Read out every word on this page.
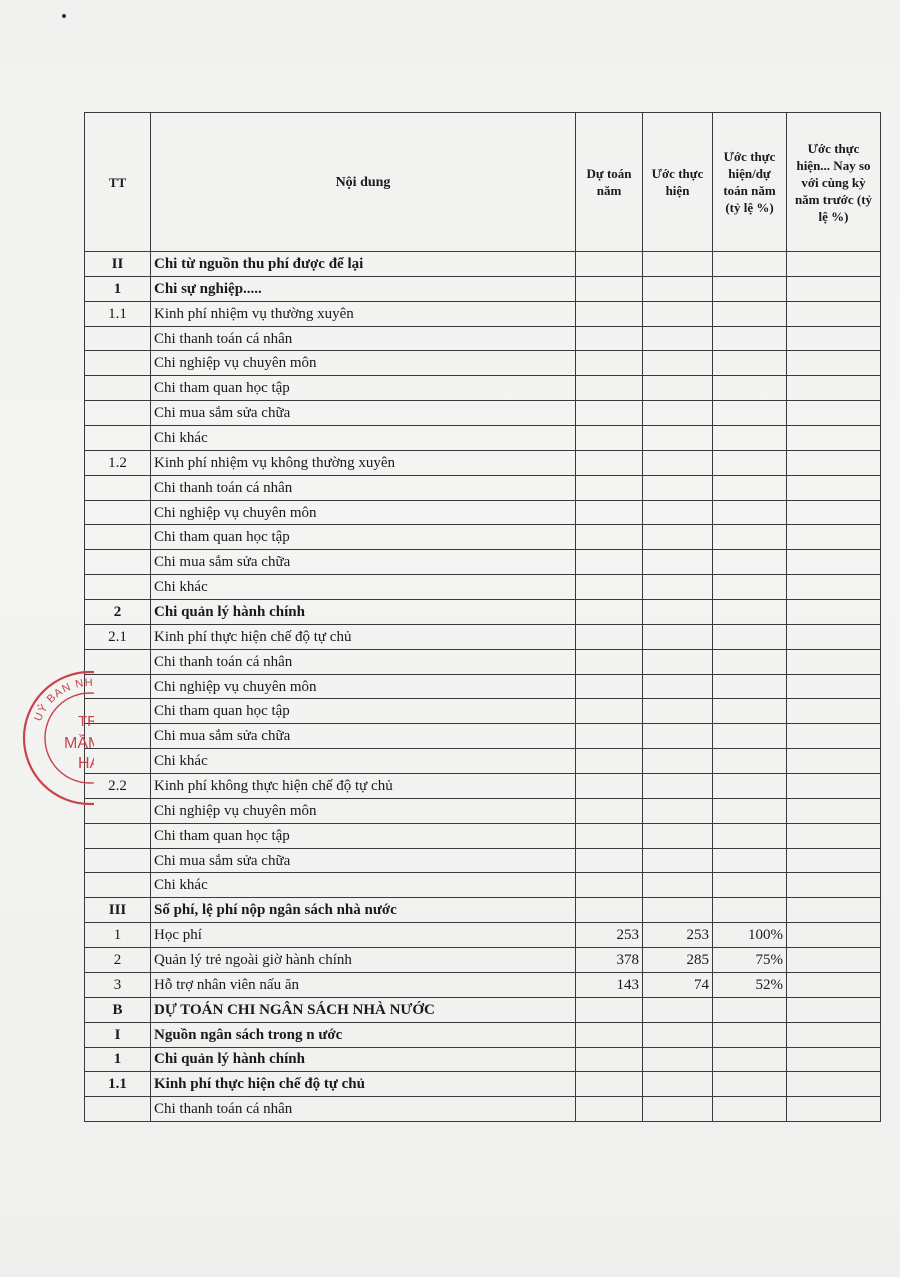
TT	Nội dung	Dự toán năm	Ước thực hiện	Ước thực hiện/dự toán năm (tỷ lệ %)	Ước thực hiện... Nay so với cùng kỳ năm trước (tỷ lệ %)
II	Chi từ nguồn thu phí được để lại				
1	Chi sự nghiệp.....				
1.1	Kinh phí nhiệm vụ thường xuyên				
	Chi thanh toán cá nhân				
	Chi nghiệp vụ chuyên môn				
	Chi tham quan học tập				
	Chi mua sắm sửa chữa				
	Chi khác				
1.2	Kinh phí nhiệm vụ không thường xuyên				
	Chi thanh toán cá nhân				
	Chi nghiệp vụ chuyên môn				
	Chi tham quan học tập				
	Chi mua sắm sửa chữa				
	Chi khác				
2	Chi quản lý hành chính				
2.1	Kinh phí thực hiện chế độ tự chủ				
	Chi thanh toán cá nhân				
	Chi nghiệp vụ chuyên môn				
	Chi tham quan học tập				
	Chi mua sắm sửa chữa				
	Chi khác				
2.2	Kinh phí không thực hiện chế độ tự chủ				
	Chi nghiệp vụ chuyên môn				
	Chi tham quan học tập				
	Chi mua sắm sửa chữa				
	Chi khác				
III	Số phí, lệ phí nộp ngân sách nhà nước				
1	Học phí	253	253	100%	
2	Quản lý trẻ ngoài giờ hành chính	378	285	75%	
3	Hỗ trợ nhân viên nấu ăn	143	74	52%	
B	DỰ TOÁN CHI NGÂN SÁCH NHÀ NƯỚC				
I	Nguồn ngân sách trong n ước				
1	Chi quản lý hành chính				
1.1	Kinh phí thực hiện chế độ tự chủ				
	Chi thanh toán cá nhân				
UỶ BAN NHÂN DÂN QUẬN
TRƯ
MẦM
HẠ
